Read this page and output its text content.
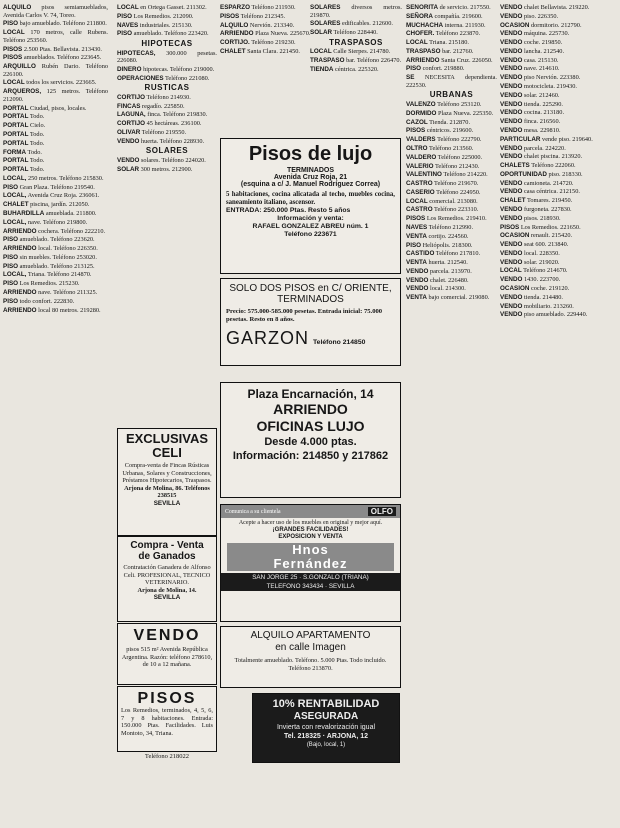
ALQUILO pisos semiamueblados, Avenida Carlos V. 74, Toreo.

PISO bajo amueblado. Teléfono 211800.

LOCAL 170 metros, calle Rubens. Teléfono 253560.

PISOS 2.500 Ptas. Bellavista. 213430.

PISOS amueblados. Teléfono 223645.

ARQUILLO Rubén Dario. Teléfono 226100.

LOCAL todos los servicios. 223665.

ARQUEROS, 125 metros. Teléfono 212090.

PORTAL Ciudad, pisos, locales.

PORTAL Todo.

PORTAL Cielo.

PORTAL Todo.

PORTAL Todo.

FORMA Todo.

PORTAL Todo.

PORTAL Todo.

LOCAL, 250 metros. Teléfono 215830.

PISO Gran Plaza. Teléfono 219540.

LOCAL, Avenida Cruz Roja. 236061.

CHALET piscina, jardín. 212050.

BUHARDILLA amueblada. 211800.

LOCAL, nave. Teléfono 219800.

ARRIENDO cochera. Teléfono 222210.

PISO amueblado. Teléfono 223620.

ARRIENDO local. Teléfono 226350.

PISO sin muebles. Teléfono 253020.

PISO amueblado. Teléfono 213125.

LOCAL, Triana. Teléfono 214870.

PISO Los Remedios. 215230.

ARRIENDO nave. Teléfono 211325.

PISO todo confort. 222830.

ARRIENDO local 80 metros. 219280.

LOCAL en Ortega Gasset. 211302.

PISO Los Remedios. 212090.

NAVES industriales. 215130.

PISO amueblado. Teléfono 223420.

HIPOTECAS

HIPOTECAS, 300.000 pesetas. 226080.

DINERO hipotecas. Teléfono 219000.

OPERACIONES Teléfono 221080.

RUSTICAS

CORTIJO Teléfono 214930.

FINCAS regadío. 225850.

LAGUNA, finca. Teléfono 219830.

CORTIJO 45 hectáreas. 236100.

OLIVAR Teléfono 219550.

VENDO huerta. Teléfono 228930.

SOLARES

VENDO solares. Teléfono 224020.

SOLAR 300 metros. 212900.

ESPARZO Teléfono 211930.

PISOS Teléfono 212345.

ALQUILO Nervión. 213340.

ARRIENDO Plaza Nueva. 225670.

CORTIJO. Teléfono 219230.

CHALET Santa Clara. 221450.

SOLARES diversos metros. 219870.

SOLARES edificables. 212600.

SOLAR Teléfono 228440.

TRASPASOS

LOCAL Calle Sierpes. 214780.

TRASPASO bar. Teléfono 226470.

TIENDA céntrica. 225320.

SEÑORITA de servicio. 217550.

SEÑORA compañía. 219600.

MUCHACHA interna. 211930.

CHOFER. Teléfono 223870.

LOCAL Triana. 215180.

TRASPASO bar. 212760.

ARRIENDO Santa Cruz. 226050.

PISO confort. 219880.

SE NECESITA dependienta. 222530.

URBANAS

VALENZO Teléfono 253120.

DORMIDO Plaza Nueva. 225350.

CAZOL Tienda. 212870.

PISOS céntricos. 219600.

VALDERS Teléfono 222790.

OLTRO Teléfono 213560.

VALDERO Teléfono 225000.

VALERIO Teléfono 212430.

VALENTINO Teléfono 214220.

CASTRO Teléfono 219670.

CASERIO Teléfono 224950.

LOCAL comercial. 213080.

CASTRO Teléfono 223310.

PISOS Los Remedios. 219410.

NAVES Teléfono 212990.

VENTA cortijo. 224560.

PISO Heliópolis. 218300.

CASTIDO Teléfono 217810.

VENTA huerta. 212540.

VENDO parcela. 213970.

VENDO chalet. 226480.

VENDO local. 214300.

VENTA bajo comercial. 219080.

VENDO chalet Bellavista. 219220.

VENDO piso. 226350.

OCASION dormitorio. 212790.

VENDO máquina. 225730.

VENDO coche. 219850.

VENDO lancha. 212540.

VENDO casa. 215130.

VENDO nave. 214610.

VENDO piso Nervión. 223380.

VENDO motocicleta. 219430.

VENDO solar. 212460.

VENDO tienda. 225290.

VENDO cocina. 213180.

VENDO finca. 216560.

VENDO mesa. 229810.

PARTICULAR vende piso. 219640.

VENDO parcela. 224220.

VENDO chalet piscina. 213920.

CHALETS Teléfono 222060.

OPORTUNIDAD piso. 218330.

VENDO camioneta. 214720.

VENDO casa céntrica. 212150.

CHALET Tomares. 219450.

VENDO furgoneta. 227830.

VENDO pisos. 218930.

PISOS Los Remedios. 221650.

OCASION renault. 215420.

VENDO seat 600. 213840.

VENDO local. 228350.

VENDO solar. 219020.

LOCAL Teléfono 214670.

VENDO 1430. 223700.

OCASION coche. 219120.

VENDO tienda. 214480.

VENDO mobiliario. 213260.

VENDO piso amueblado. 229440.

EXCLUSIVAS
CELI
Compra-venta de Fincas Rústicas Urbanas, Solares y Construcciones, Préstamos Hipotecarios, Traspasos.
Arjona de Molina, 86. Teléfonos 238515
SEVILLA
Compra - Venta
de Ganados
Contratación Ganadera de Alfonso Celi. PROFESIONAL, TECNICO VETERINARIO.
Arjona de Molina, 14.
SEVILLA
VENDO
pisos 515 m² Avenida República Argentina. Razón: teléfono 278610, de 10 a 12 mañana.
PISOS
Los Remedios, terminados, 4, 5, 6, 7 y 8 habitaciones. Entrada: 150.000 Ptas. Facilidades. Luis Montoto, 34, Triana.
Teléfono 218022
Pisos de lujo
TERMINADOS
Avenida Cruz Roja, 21
(esquina a c/ J. Manuel Rodríguez Correa)
5 habitaciones, cocina alicatada al techo, muebles cocina, saneamiento italiano, ascensor.
ENTRADA: 250.000 Ptas. Resto 5 años
Información y venta:
RAFAEL GONZALEZ ABREU núm. 1
Teléfono 223671
SOLO DOS PISOS en C/ ORIENTE, TERMINADOS
Precio: 575.000-585.000 pesetas. Entrada inicial: 75.000 pesetas. Resto en 8 años.
GARZON Teléfono 214850
Plaza Encarnación, 14
ARRIENDO
OFICINAS LUJO
Desde 4.000 ptas.
Información: 214850 y 217862
Comunica a su clientela	OLFO
Acepte a hacer uso de los muebles en original y mejor aquí.
¡GRANDES FACILIDADES!
EXPOSICION Y VENTA
Hnos
Fernández
SAN JORGE 25 · S.GONZALO (TRIANA)
TELEFONO 343434 · SEVILLA
ALQUILO APARTAMENTO
en calle Imagen
Totalmente amueblado. Teléfono. 5.000 Ptas. Todo incluido. Teléfono 213870.
10% RENTABILIDAD
ASEGURADA
Invierta con revalorización igual
Tel. 218325 · ARJONA, 12
(Bajo, local, 1)
